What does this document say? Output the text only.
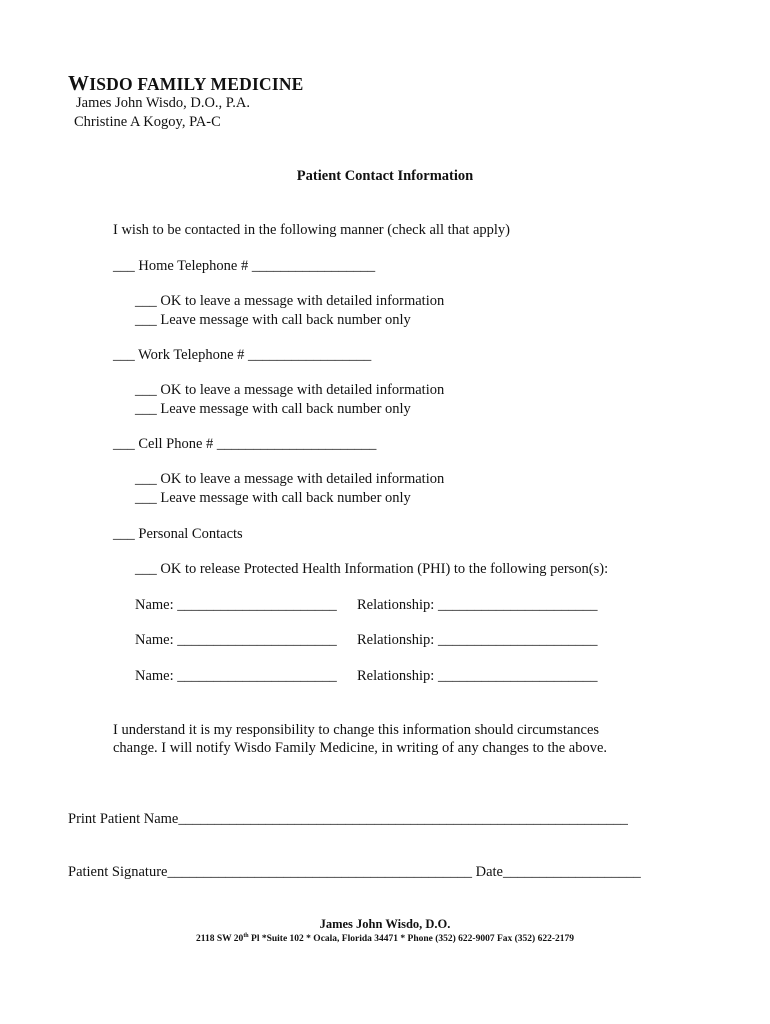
WISDO FAMILY MEDICINE
James John Wisdo, D.O., P.A.
Christine A Kogoy, PA-C
Patient Contact Information
I wish to be contacted in the following manner (check all that apply)
___ Home Telephone # _________________
___ OK to leave a message with detailed information
___ Leave message with call back number only
___ Work Telephone # _________________
___ OK to leave a message with detailed information
___ Leave message with call back number only
___ Cell Phone # ______________________
___ OK to leave a message with detailed information
___ Leave message with call back number only
___ Personal Contacts
___ OK to release Protected Health Information (PHI) to the following person(s):
Name: ______________________ Relationship: ______________________
Name: ______________________ Relationship: ______________________
Name: ______________________ Relationship: ______________________
I understand it is my responsibility to change this information should circumstances
change. I will notify Wisdo Family Medicine, in writing of any changes to the above.
Print Patient Name______________________________________________________________
Patient Signature__________________________________________ Date___________________
James John Wisdo, D.O.
2118 SW 20th Pl *Suite 102 * Ocala, Florida 34471 * Phone (352) 622-9007 Fax (352) 622-2179
